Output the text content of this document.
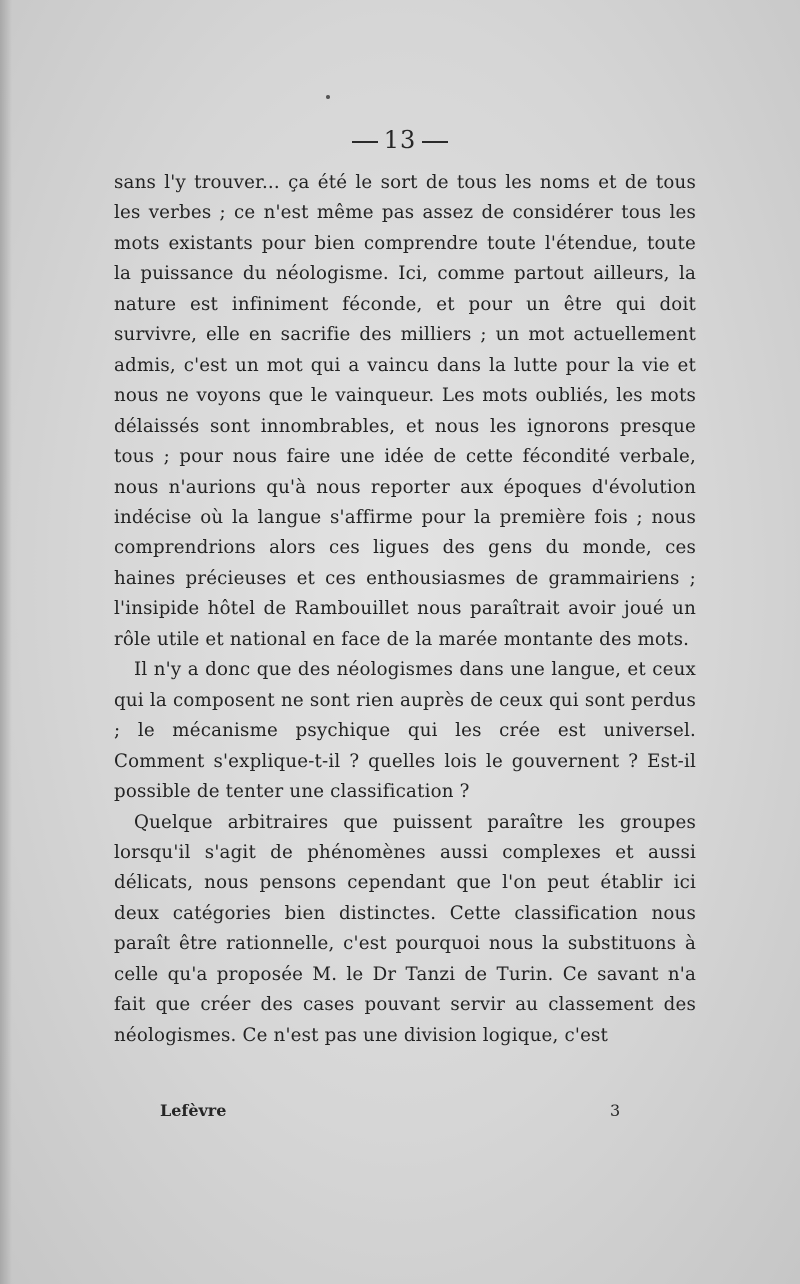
13

sans l'y trouver... ça été le sort de tous les noms et de tous les verbes ; ce n'est même pas assez de considérer tous les mots existants pour bien comprendre toute l'étendue, toute la puissance du néologisme. Ici, comme partout ailleurs, la nature est infiniment féconde, et pour un être qui doit survivre, elle en sacrifie des milliers ; un mot actuellement admis, c'est un mot qui a vaincu dans la lutte pour la vie et nous ne voyons que le vainqueur. Les mots oubliés, les mots délaissés sont innombrables, et nous les ignorons presque tous ; pour nous faire une idée de cette fécondité verbale, nous n'aurions qu'à nous reporter aux époques d'évolution indécise où la langue s'affirme pour la première fois ; nous comprendrions alors ces ligues des gens du monde, ces haines précieuses et ces enthousiasmes de grammairiens ; l'insipide hôtel de Rambouillet nous paraîtrait avoir joué un rôle utile et national en face de la marée montante des mots.

Il n'y a donc que des néologismes dans une langue, et ceux qui la composent ne sont rien auprès de ceux qui sont perdus ; le mécanisme psychique qui les crée est universel. Comment s'explique-t-il ? quelles lois le gouvernent ? Est-il possible de tenter une classification ?

Quelque arbitraires que puissent paraître les groupes lorsqu'il s'agit de phénomènes aussi complexes et aussi délicats, nous pensons cependant que l'on peut établir ici deux catégories bien distinctes. Cette classification nous paraît être rationnelle, c'est pourquoi nous la substituons à celle qu'a proposée M. le Dr Tanzi de Turin. Ce savant n'a fait que créer des cases pouvant servir au classement des néologismes. Ce n'est pas une division logique, c'est

Lefèvre	3
